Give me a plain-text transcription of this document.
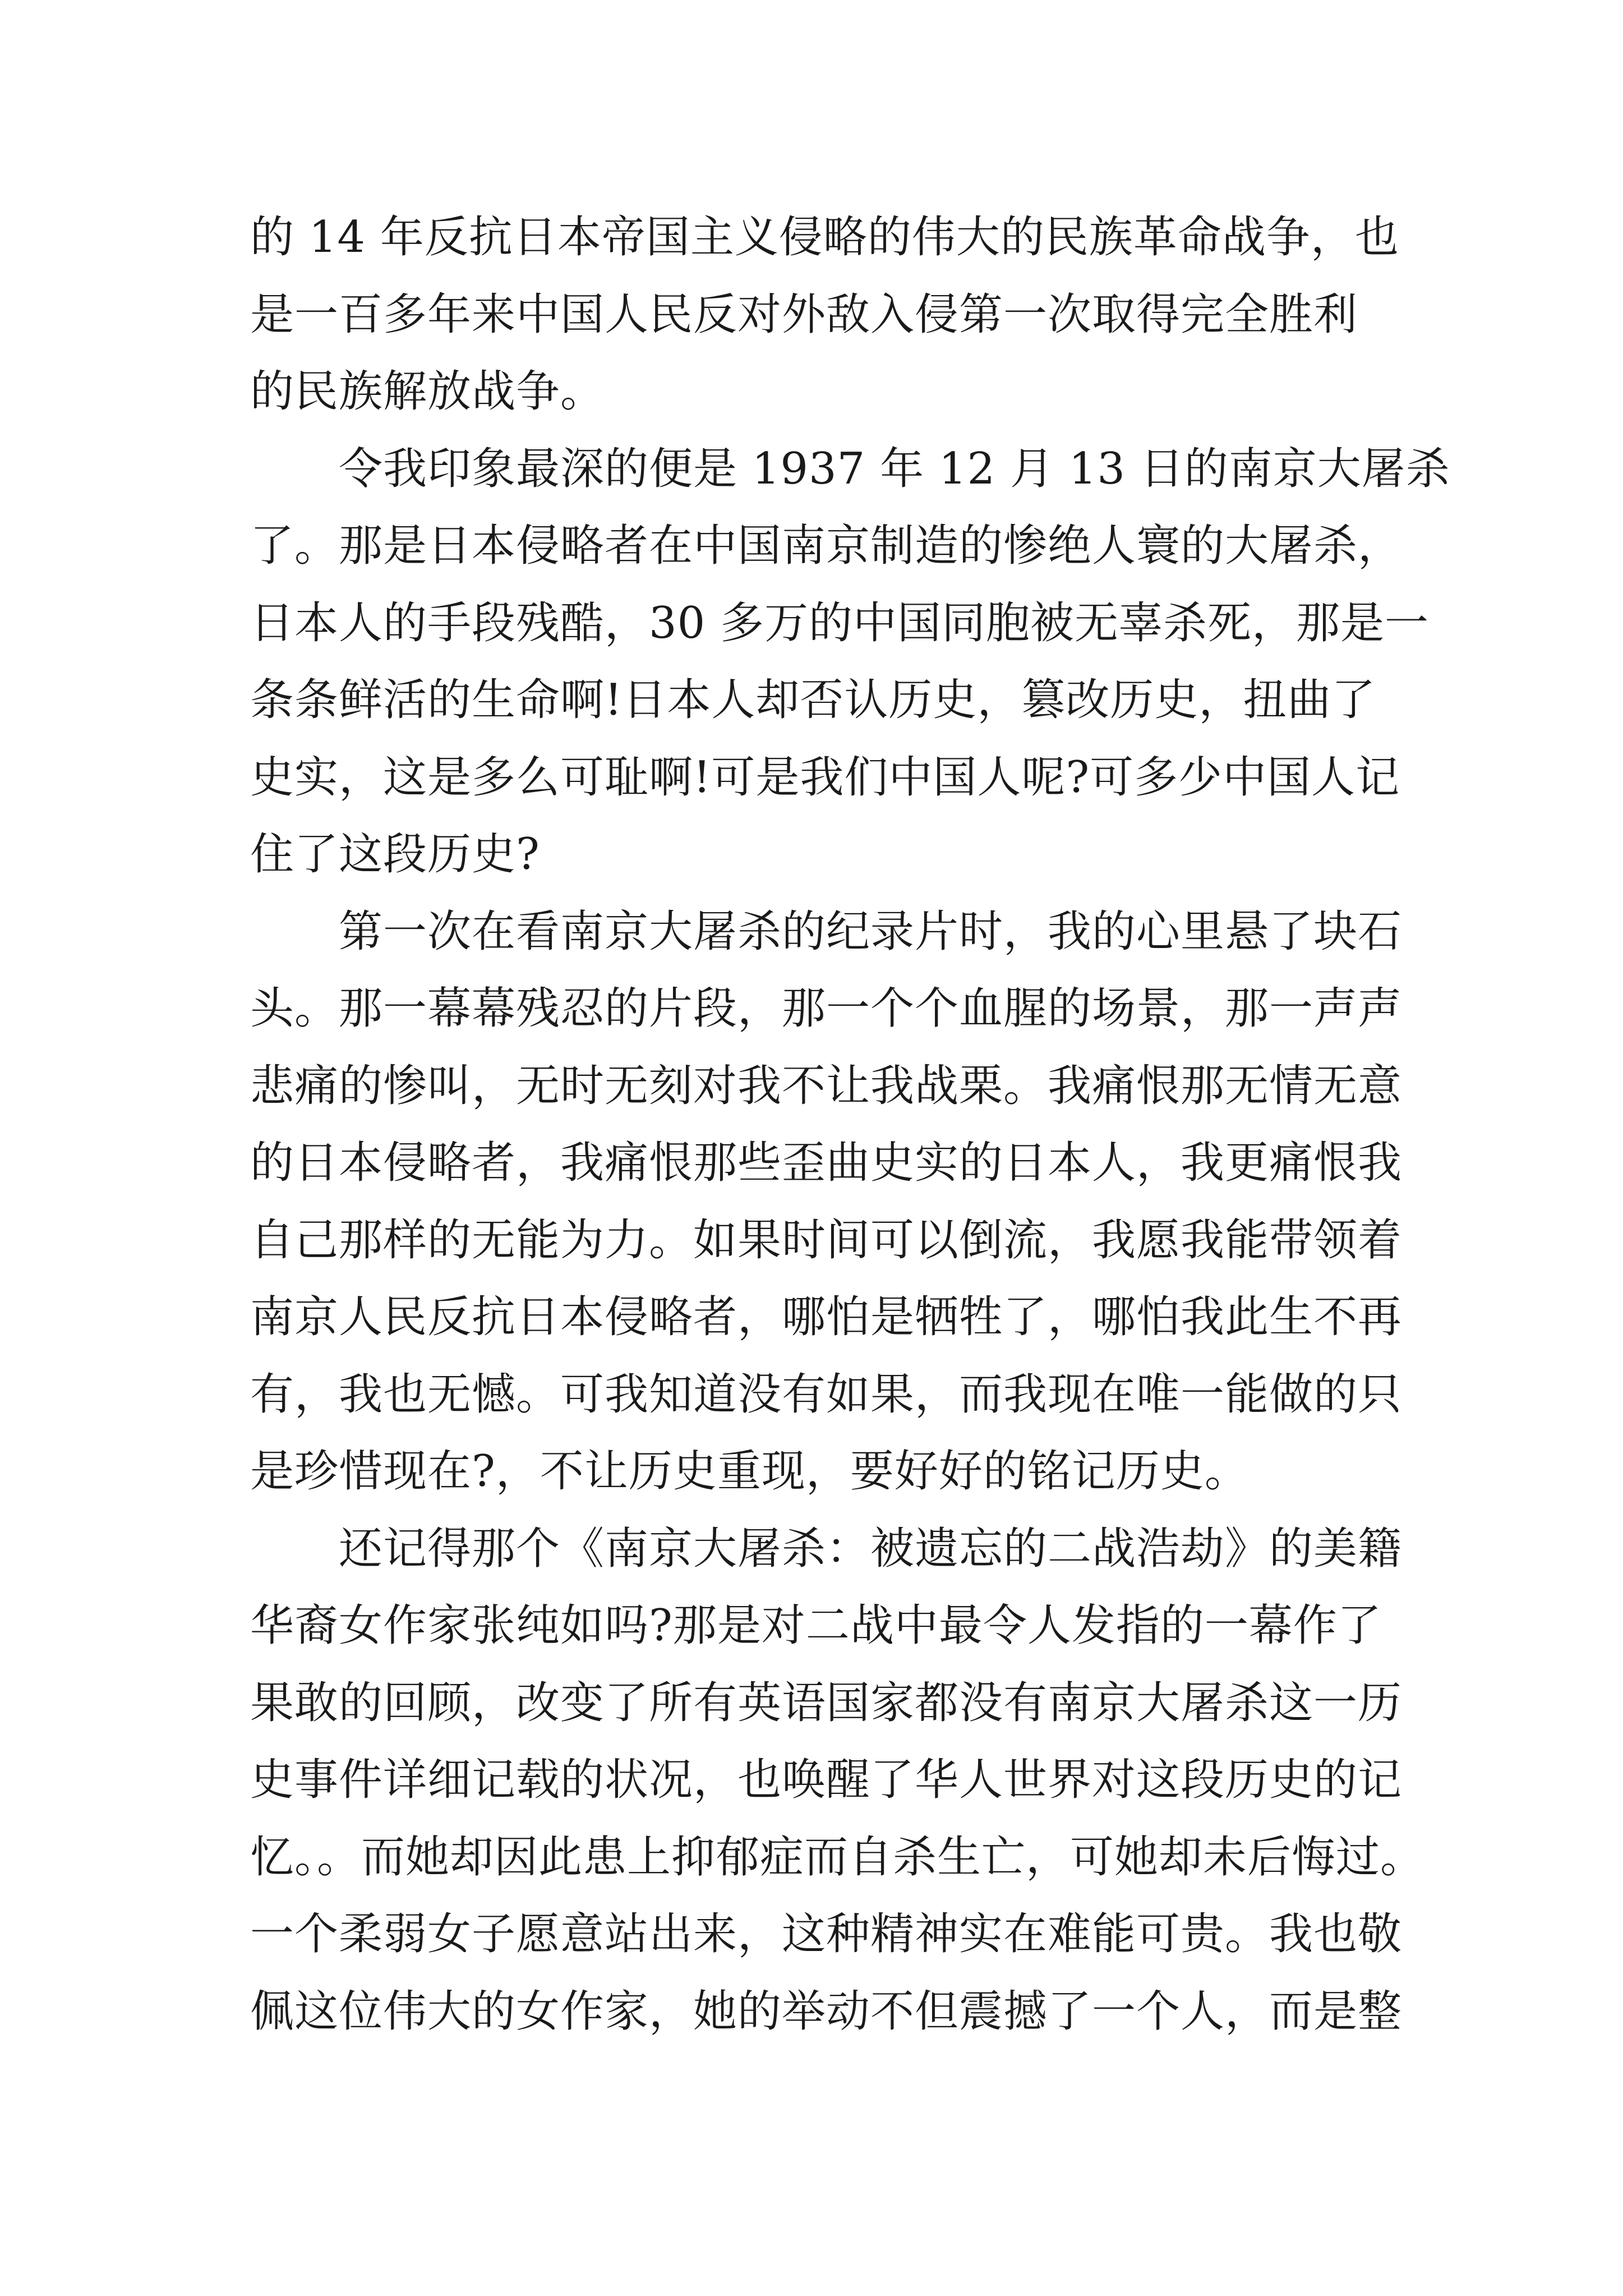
的 14 年反抗日本帝国主义侵略的伟大的民族革命战争，也
是一百多年来中国人民反对外敌入侵第一次取得完全胜利
的民族解放战争。
令我印象最深的便是 1937 年 12 月 13 日的南京大屠杀
了。那是日本侵略者在中国南京制造的惨绝人寰的大屠杀，
日本人的手段残酷，30 多万的中国同胞被无辜杀死，那是一
条条鲜活的生命啊!日本人却否认历史，篡改历史，扭曲了
史实，这是多么可耻啊!可是我们中国人呢?可多少中国人记
住了这段历史?
第一次在看南京大屠杀的纪录片时，我的心里悬了块石
头。那一幕幕残忍的片段，那一个个血腥的场景，那一声声
悲痛的惨叫，无时无刻对我不让我战栗。我痛恨那无情无意
的日本侵略者，我痛恨那些歪曲史实的日本人，我更痛恨我
自己那样的无能为力。如果时间可以倒流，我愿我能带领着
南京人民反抗日本侵略者，哪怕是牺牲了，哪怕我此生不再
有，我也无憾。可我知道没有如果，而我现在唯一能做的只
是珍惜现在?，不让历史重现，要好好的铭记历史。
还记得那个《南京大屠杀：被遗忘的二战浩劫》的美籍
华裔女作家张纯如吗?那是对二战中最令人发指的一幕作了
果敢的回顾，改变了所有英语国家都没有南京大屠杀这一历
史事件详细记载的状况，也唤醒了华人世界对这段历史的记
忆。。而她却因此患上抑郁症而自杀生亡，可她却未后悔过。
一个柔弱女子愿意站出来，这种精神实在难能可贵。我也敬
佩这位伟大的女作家，她的举动不但震撼了一个人，而是整
